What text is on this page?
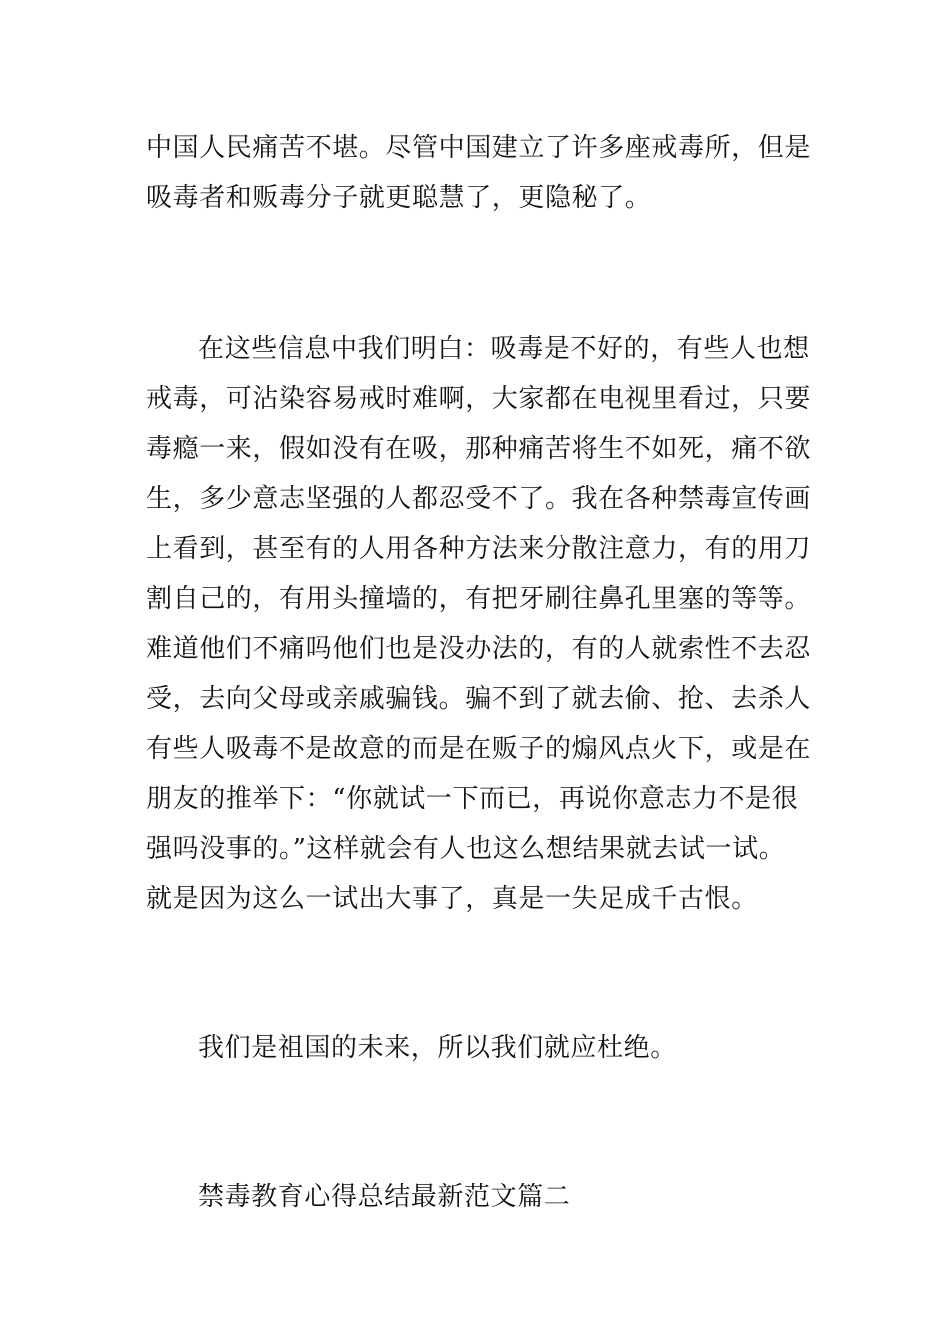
中国人民痛苦不堪。尽管中国建立了许多座戒毒所，但是
吸毒者和贩毒分子就更聪慧了，更隐秘了。
在这些信息中我们明白：吸毒是不好的，有些人也想
戒毒，可沾染容易戒时难啊，大家都在电视里看过，只要
毒瘾一来，假如没有在吸，那种痛苦将生不如死，痛不欲
生，多少意志坚强的人都忍受不了。我在各种禁毒宣传画
上看到，甚至有的人用各种方法来分散注意力，有的用刀
割自己的，有用头撞墙的，有把牙刷往鼻孔里塞的等等。
难道他们不痛吗他们也是没办法的，有的人就索性不去忍
受，去向父母或亲戚骗钱。骗不到了就去偷、抢、去杀人
有些人吸毒不是故意的而是在贩子的煽风点火下，或是在
朋友的推举下：“你就试一下而已，再说你意志力不是很
强吗没事的。”这样就会有人也这么想结果就去试一试。
就是因为这么一试出大事了，真是一失足成千古恨。
我们是祖国的未来，所以我们就应杜绝。
禁毒教育心得总结最新范文篇二
